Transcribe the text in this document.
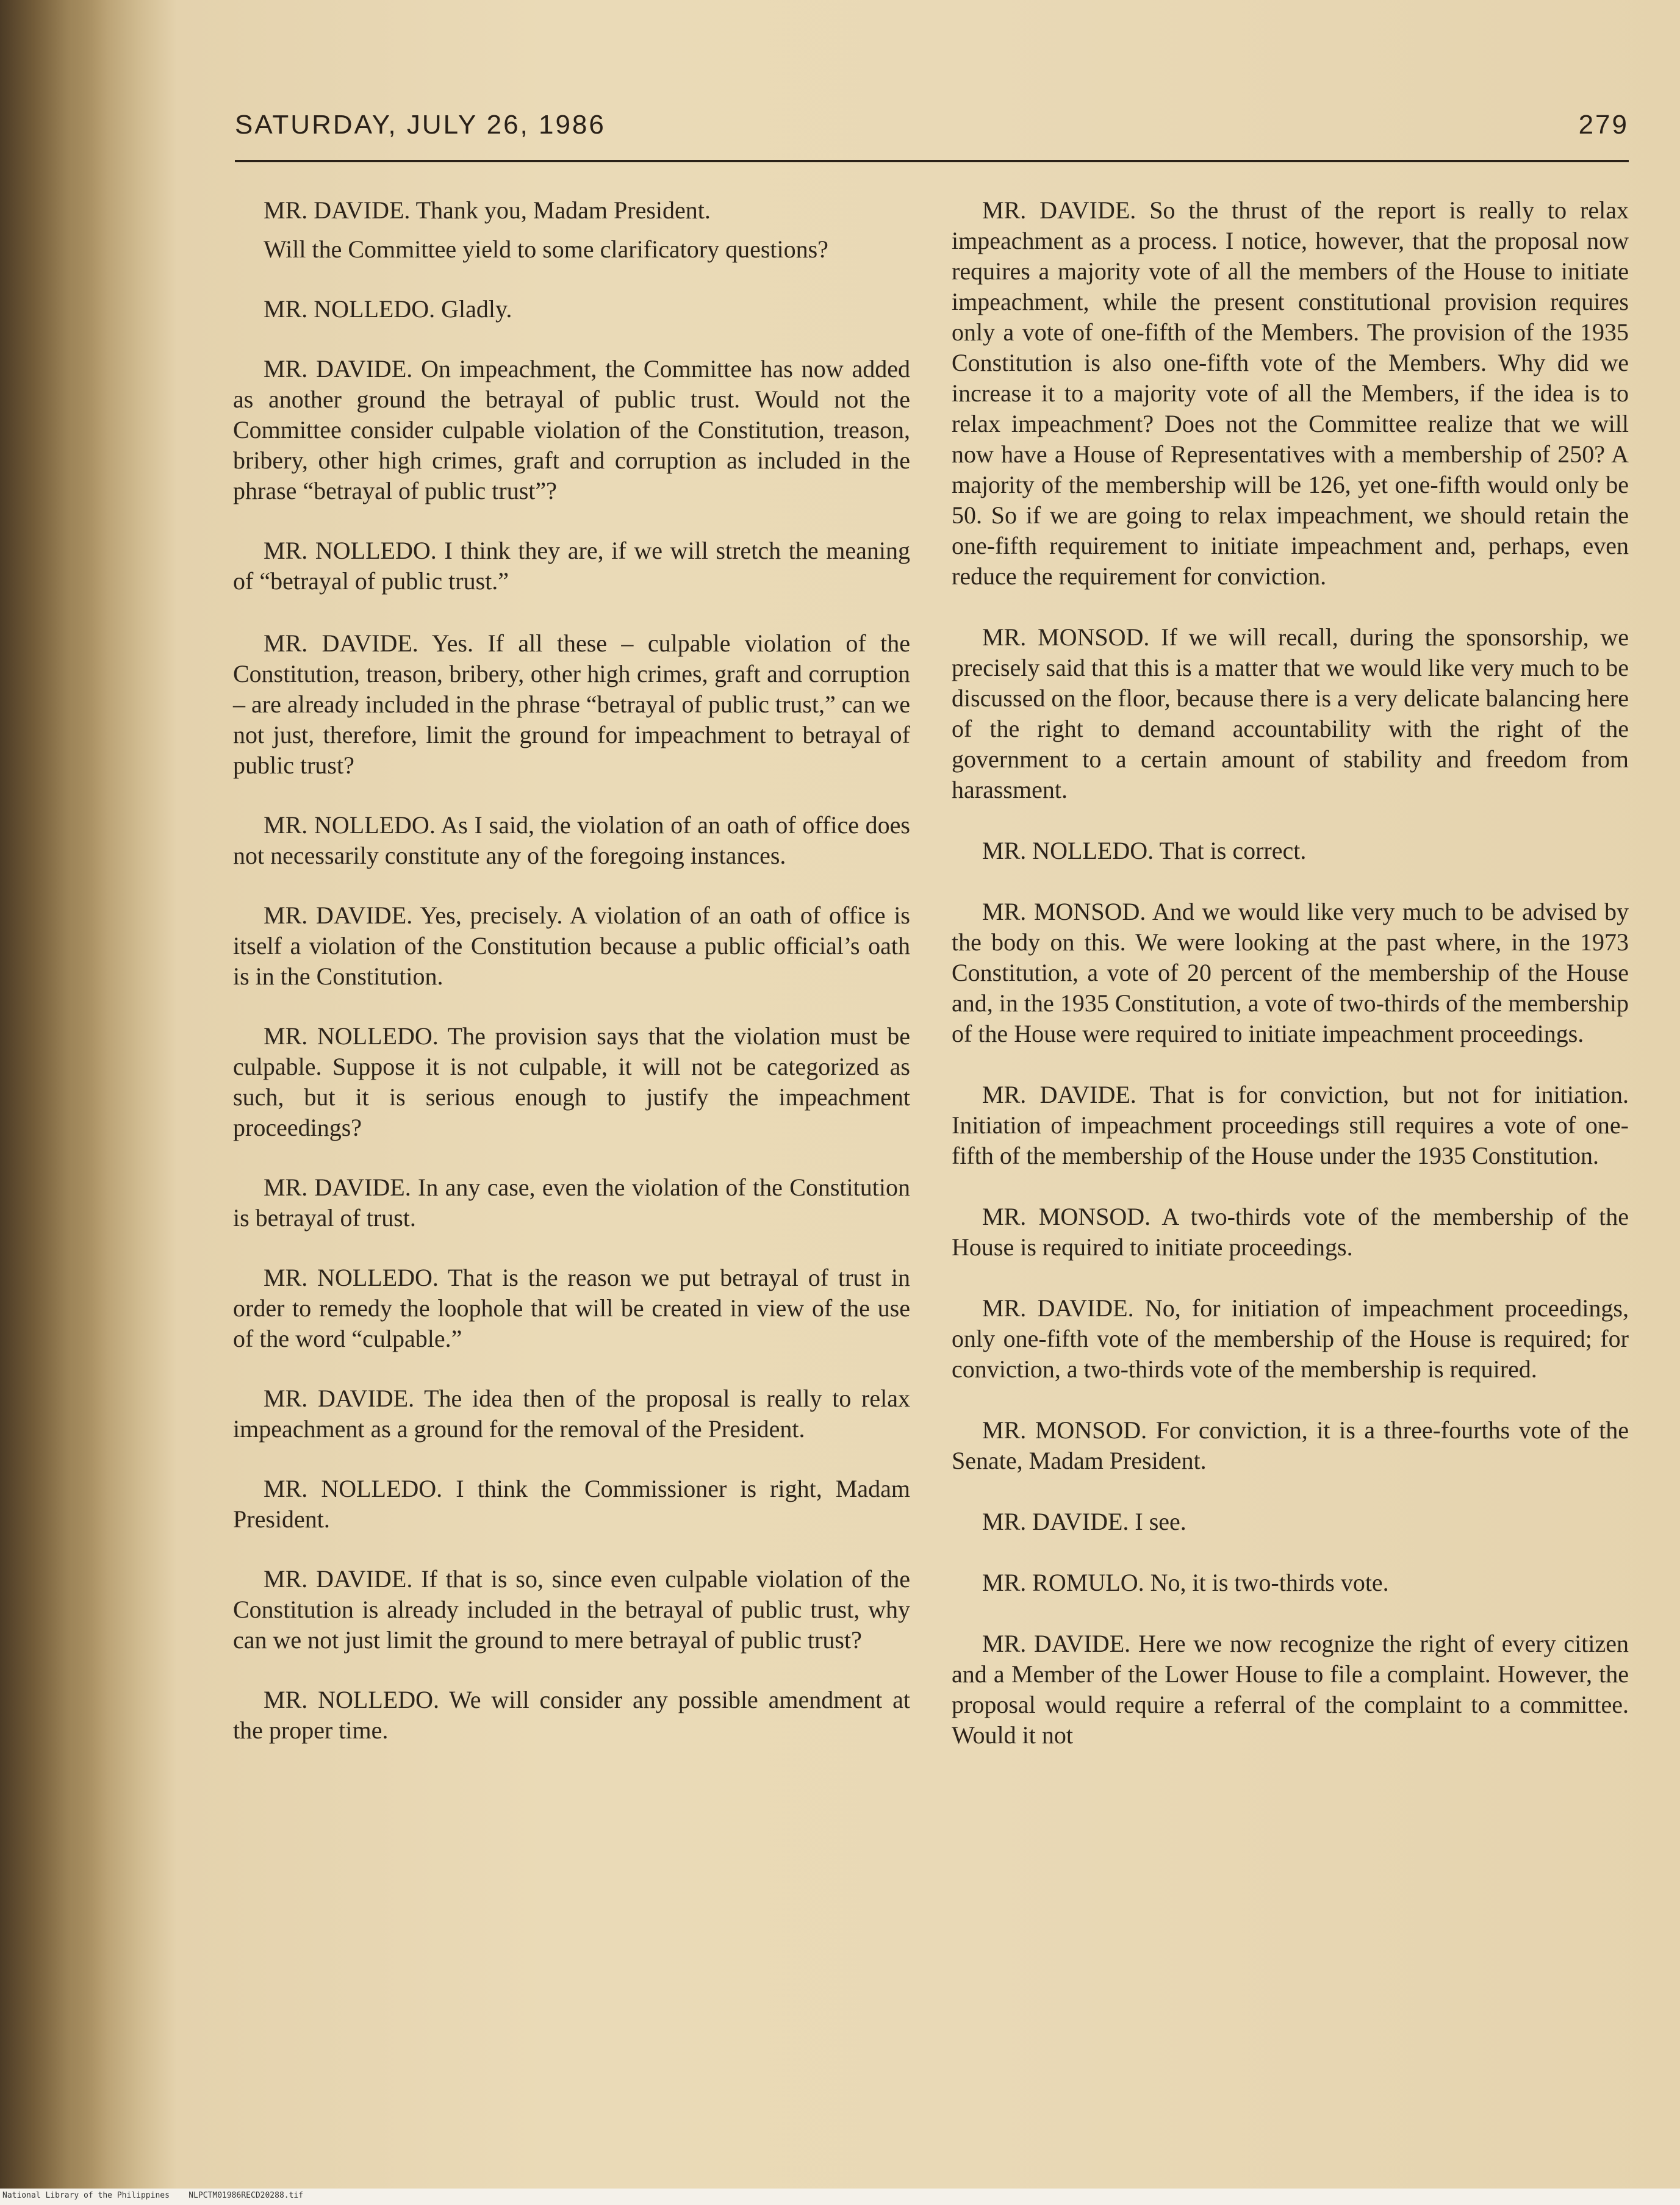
SATURDAY, JULY 26, 1986	279

MR. DAVIDE. Thank you, Madam President.

Will the Committee yield to some clarificatory questions?

MR. NOLLEDO. Gladly.

MR. DAVIDE. On impeachment, the Committee has now added as another ground the betrayal of public trust. Would not the Committee consider culpable violation of the Constitution, treason, bribery, other high crimes, graft and corruption as included in the phrase “betrayal of public trust”?

MR. NOLLEDO. I think they are, if we will stretch the meaning of “betrayal of public trust.”

MR. DAVIDE. Yes. If all these – culpable violation of the Constitution, treason, bribery, other high crimes, graft and corruption – are already included in the phrase “betrayal of public trust,” can we not just, therefore, limit the ground for impeachment to betrayal of public trust?

MR. NOLLEDO. As I said, the violation of an oath of office does not necessarily constitute any of the foregoing instances.

MR. DAVIDE. Yes, precisely. A violation of an oath of office is itself a violation of the Constitution because a public official’s oath is in the Constitution.

MR. NOLLEDO. The provision says that the violation must be culpable. Suppose it is not culpable, it will not be categorized as such, but it is serious enough to justify the impeachment proceedings?

MR. DAVIDE. In any case, even the violation of the Constitution is betrayal of trust.

MR. NOLLEDO. That is the reason we put betrayal of trust in order to remedy the loophole that will be created in view of the use of the word “culpable.”

MR. DAVIDE. The idea then of the proposal is really to relax impeachment as a ground for the removal of the President.

MR. NOLLEDO. I think the Commissioner is right, Madam President.

MR. DAVIDE. If that is so, since even culpable violation of the Constitution is already included in the betrayal of public trust, why can we not just limit the ground to mere betrayal of public trust?

MR. NOLLEDO. We will consider any possible amendment at the proper time.

MR. DAVIDE. So the thrust of the report is really to relax impeachment as a process. I notice, however, that the proposal now requires a majority vote of all the members of the House to initiate impeachment, while the present constitutional provision requires only a vote of one-fifth of the Members. The provision of the 1935 Constitution is also one-fifth vote of the Members. Why did we increase it to a majority vote of all the Members, if the idea is to relax impeachment? Does not the Committee realize that we will now have a House of Representatives with a membership of 250? A majority of the membership will be 126, yet one-fifth would only be 50. So if we are going to relax impeachment, we should retain the one-fifth requirement to initiate impeachment and, perhaps, even reduce the requirement for conviction.

MR. MONSOD. If we will recall, during the sponsorship, we precisely said that this is a matter that we would like very much to be discussed on the floor, because there is a very delicate balancing here of the right to demand accountability with the right of the government to a certain amount of stability and freedom from harassment.

MR. NOLLEDO. That is correct.

MR. MONSOD. And we would like very much to be advised by the body on this. We were looking at the past where, in the 1973 Constitution, a vote of 20 percent of the membership of the House and, in the 1935 Constitution, a vote of two-thirds of the membership of the House were required to initiate impeachment proceedings.

MR. DAVIDE. That is for conviction, but not for initiation. Initiation of impeachment proceedings still requires a vote of one-fifth of the membership of the House under the 1935 Constitution.

MR. MONSOD. A two-thirds vote of the membership of the House is required to initiate proceedings.

MR. DAVIDE. No, for initiation of impeachment proceedings, only one-fifth vote of the membership of the House is required; for conviction, a two-thirds vote of the membership is required.

MR. MONSOD. For conviction, it is a three-fourths vote of the Senate, Madam President.

MR. DAVIDE. I see.

MR. ROMULO. No, it is two-thirds vote.

MR. DAVIDE. Here we now recognize the right of every citizen and a Member of the Lower House to file a complaint. However, the proposal would require a referral of the complaint to a committee. Would it not

National Library of the Philippines    NLPCTM01986RECD20288.tif
